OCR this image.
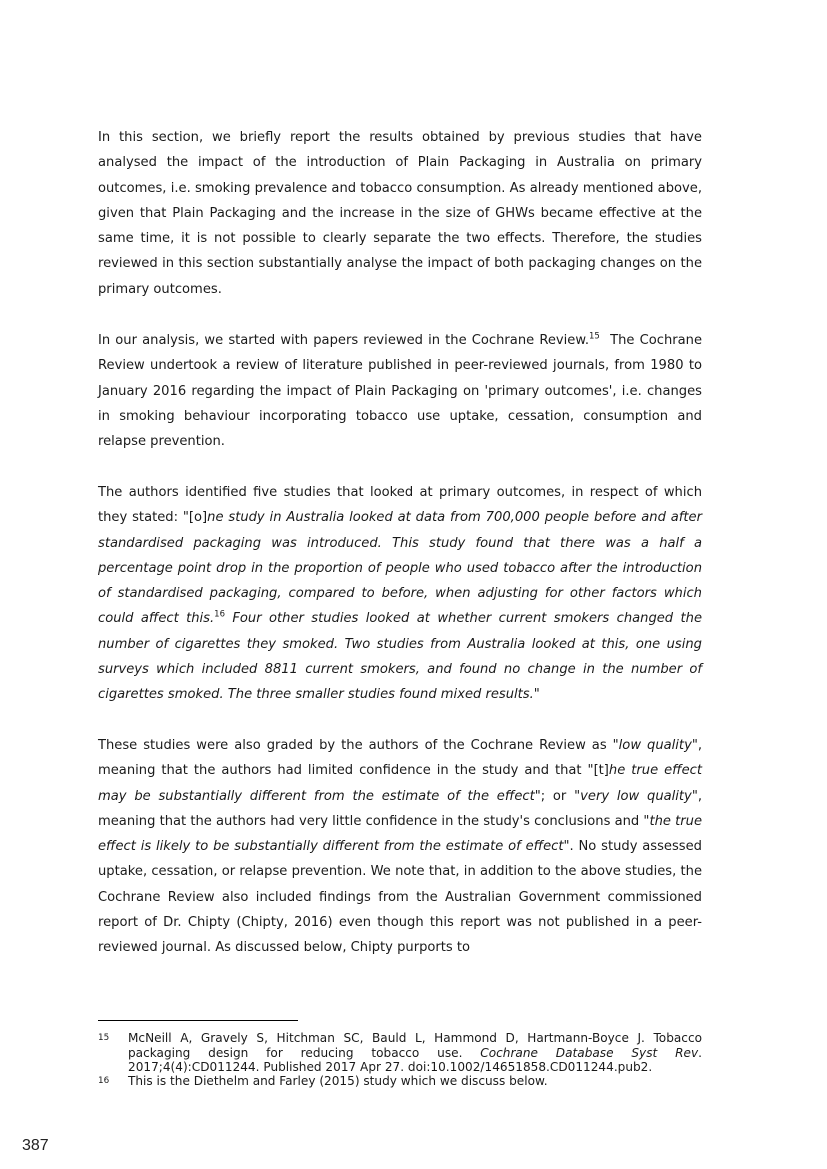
In this section, we briefly report the results obtained by previous studies that have analysed the impact of the introduction of Plain Packaging in Australia on primary outcomes, i.e. smoking prevalence and tobacco consumption. As already mentioned above, given that Plain Packaging and the increase in the size of GHWs became effective at the same time, it is not possible to clearly separate the two effects. Therefore, the studies reviewed in this section substantially analyse the impact of both packaging changes on the primary outcomes.

In our analysis, we started with papers reviewed in the Cochrane Review.$^{15}$ The Cochrane Review undertook a review of literature published in peer-reviewed journals, from 1980 to January 2016 regarding the impact of Plain Packaging on 'primary outcomes', i.e. changes in smoking behaviour incorporating tobacco use uptake, cessation, consumption and relapse prevention.

The authors identified five studies that looked at primary outcomes, in respect of which they stated: "[o]ne study in Australia looked at data from 700,000 people before and after standardised packaging was introduced. This study found that there was a half a percentage point drop in the proportion of people who used tobacco after the introduction of standardised packaging, compared to before, when adjusting for other factors which could affect this.$^{16}$ Four other studies looked at whether current smokers changed the number of cigarettes they smoked. Two studies from Australia looked at this, one using surveys which included 8811 current smokers, and found no change in the number of cigarettes smoked. The three smaller studies found mixed results."

These studies were also graded by the authors of the Cochrane Review as "low quality", meaning that the authors had limited confidence in the study and that "[t]he true effect may be substantially different from the estimate of the effect"; or "very low quality", meaning that the authors had very little confidence in the study's conclusions and "the true effect is likely to be substantially different from the estimate of effect". No study assessed uptake, cessation, or relapse prevention. We note that, in addition to the above studies, the Cochrane Review also included findings from the Australian Government commissioned report of Dr. Chipty (Chipty, 2016) even though this report was not published in a peer-reviewed journal. As discussed below, Chipty purports to

15 McNeill A, Gravely S, Hitchman SC, Bauld L, Hammond D, Hartmann-Boyce J. Tobacco packaging design for reducing tobacco use. Cochrane Database Syst Rev. 2017;4(4):CD011244. Published 2017 Apr 27. doi:10.1002/14651858.CD011244.pub2.
16 This is the Diethelm and Farley (2015) study which we discuss below.
387
